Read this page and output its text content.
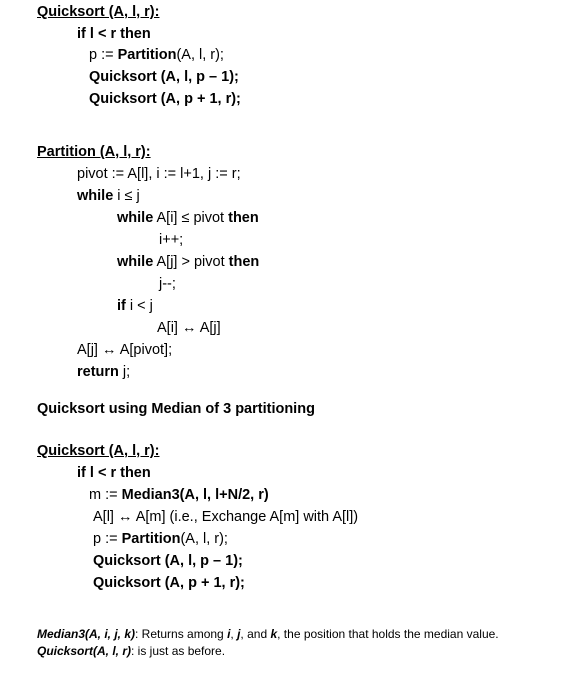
Quicksort (A, l, r):
if l < r then
p := Partition(A, l, r);
Quicksort (A, l, p – 1);
Quicksort (A, p + 1, r);
Partition (A, l, r):
pivot := A[l], i := l+1, j := r;
while i ≤ j
while A[i] ≤ pivot then
i++;
while A[j] > pivot then
j--;
if i < j
A[i] ↔ A[j]
A[j] ↔ A[pivot];
return j;
Quicksort using Median of 3 partitioning
Quicksort (A, l, r):
if l < r then
m := Median3(A, l, l+N/2, r)
A[l] ↔ A[m] (i.e., Exchange A[m] with A[l])
p := Partition(A, l, r);
Quicksort (A, l, p – 1);
Quicksort (A, p + 1, r);
Median3(A, i, j, k): Returns among i, j, and k, the position that holds the median value.
Quicksort(A, l, r): is just as before.
